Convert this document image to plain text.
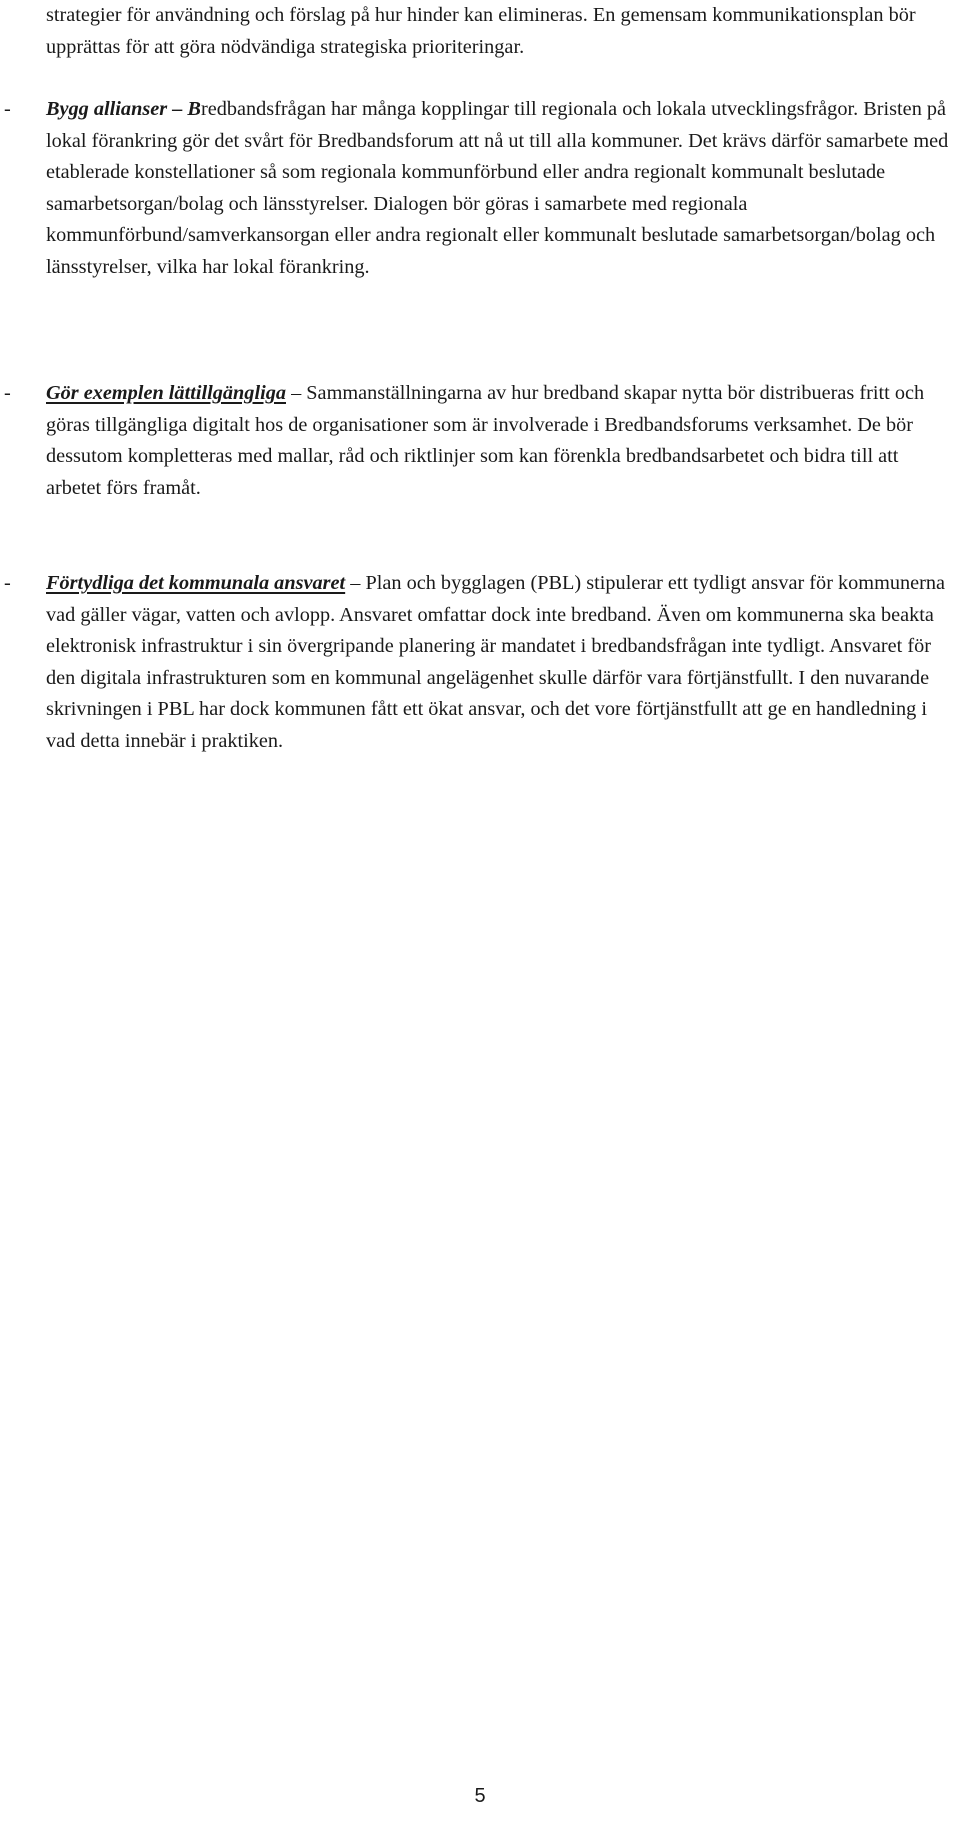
strategier för användning och förslag på hur hinder kan elimineras. En gemensam kommunikationsplan bör upprättas för att göra nödvändiga strategiska prioriteringar.

- Bygg allianser – Bredbandsfrågan har många kopplingar till regionala och lokala utvecklingsfrågor. Bristen på lokal förankring gör det svårt för Bredbandsforum att nå ut till alla kommuner. Det krävs därför samarbete med etablerade konstellationer så som regionala kommunförbund eller andra regionalt kommunalt beslutade samarbetsorgan/bolag och länsstyrelser. Dialogen bör göras i samarbete med regionala kommunförbund/samverkansorgan eller andra regionalt eller kommunalt beslutade samarbetsorgan/bolag och länsstyrelser, vilka har lokal förankring.

- Gör exemplen lättillgängliga – Sammanställningarna av hur bredband skapar nytta bör distribueras fritt och göras tillgängliga digitalt hos de organisationer som är involverade i Bredbandsforums verksamhet. De bör dessutom kompletteras med mallar, råd och riktlinjer som kan förenkla bredbandsarbetet och bidra till att arbetet förs framåt.

- Förtydliga det kommunala ansvaret – Plan och bygglagen (PBL) stipulerar ett tydligt ansvar för kommunerna vad gäller vägar, vatten och avlopp. Ansvaret omfattar dock inte bredband. Även om kommunerna ska beakta elektronisk infrastruktur i sin övergripande planering är mandatet i bredbandsfrågan inte tydligt. Ansvaret för den digitala infrastrukturen som en kommunal angelägenhet skulle därför vara förtjänstfullt. I den nuvarande skrivningen i PBL har dock kommunen fått ett ökat ansvar, och det vore förtjänstfullt att ge en handledning i vad detta innebär i praktiken.

5
